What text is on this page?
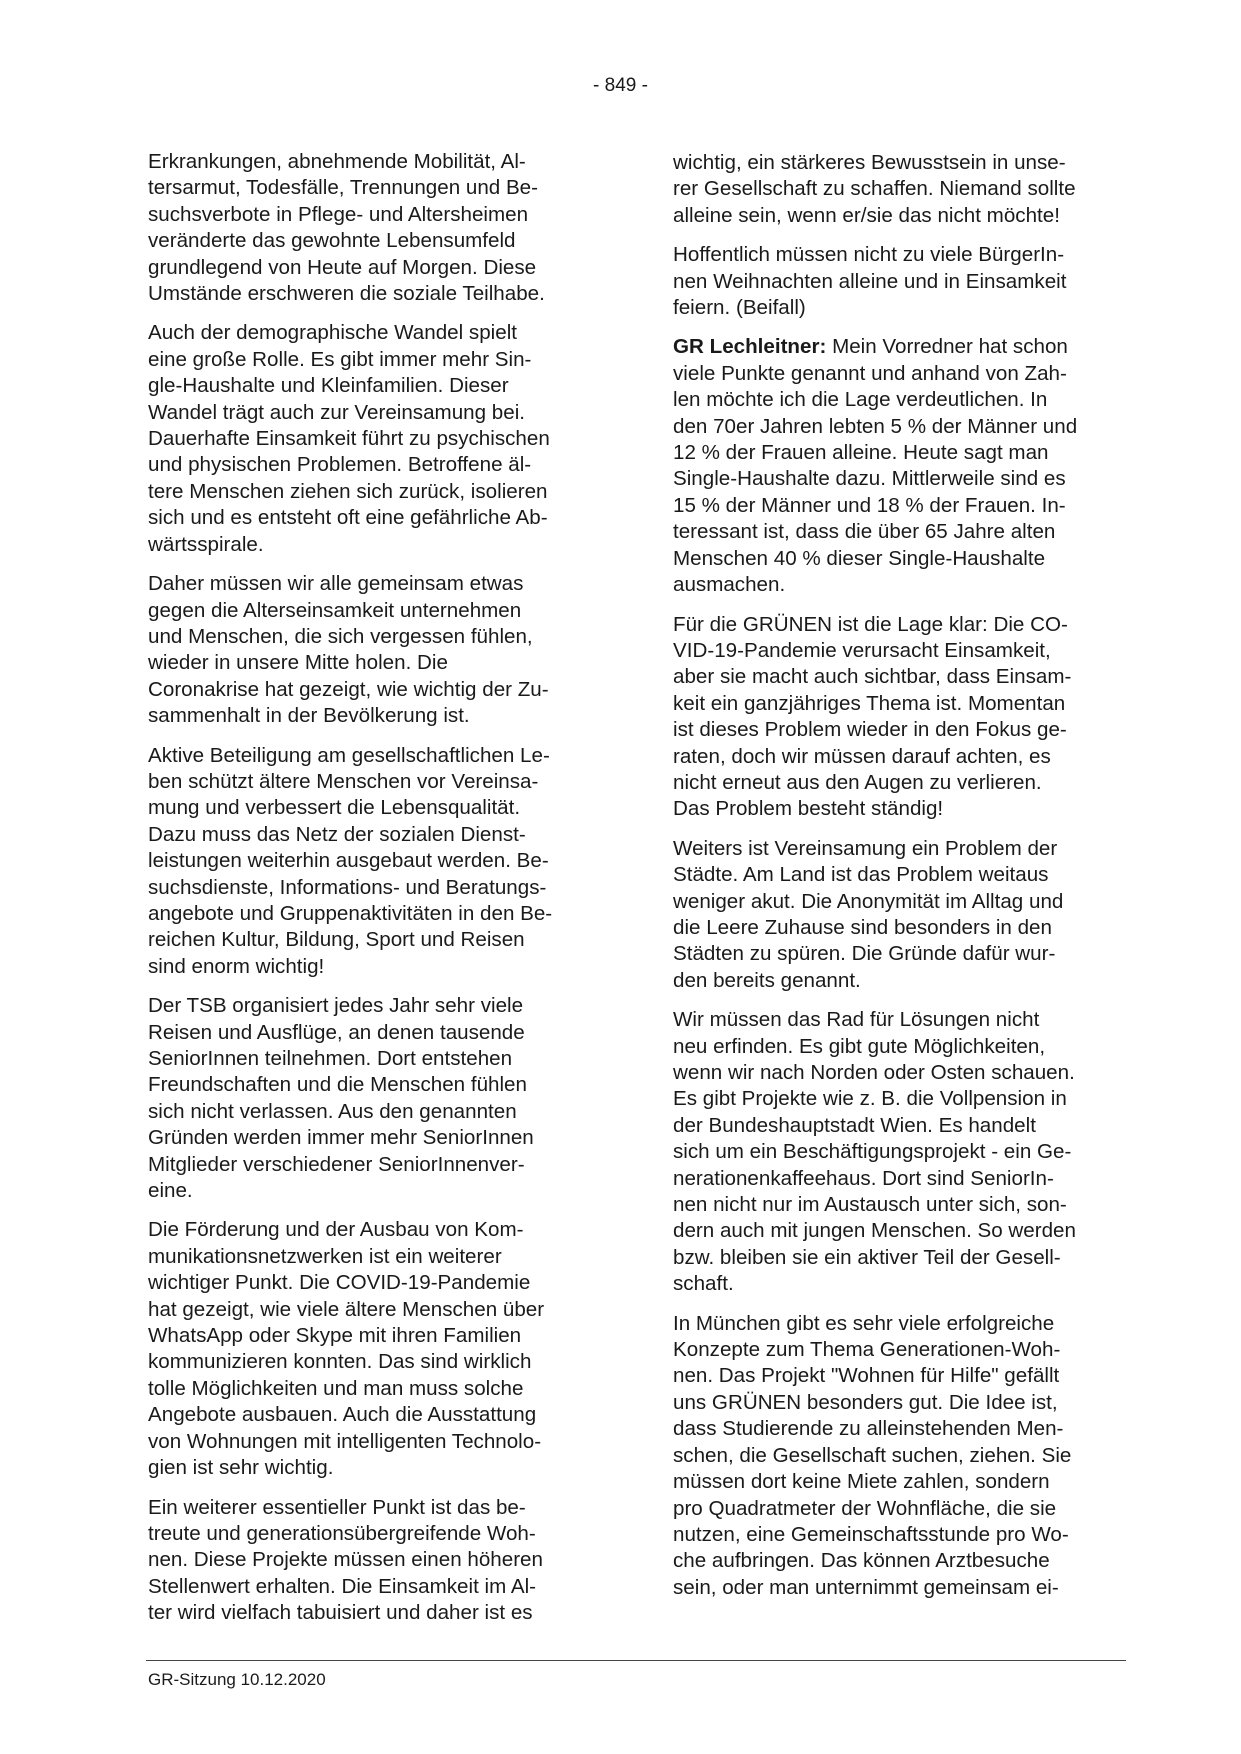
- 849 -

Erkrankungen, abnehmende Mobilität, Al-
tersarmut, Todesfälle, Trennungen und Be-
suchsverbote in Pflege- und Altersheimen
veränderte das gewohnte Lebensumfeld
grundlegend von Heute auf Morgen. Diese
Umstände erschweren die soziale Teilhabe.

Auch der demographische Wandel spielt
eine große Rolle. Es gibt immer mehr Sin-
gle-Haushalte und Kleinfamilien. Dieser
Wandel trägt auch zur Vereinsamung bei.
Dauerhafte Einsamkeit führt zu psychischen
und physischen Problemen. Betroffene äl-
tere Menschen ziehen sich zurück, isolieren
sich und es entsteht oft eine gefährliche Ab-
wärtsspirale.

Daher müssen wir alle gemeinsam etwas
gegen die Alterseinsamkeit unternehmen
und Menschen, die sich vergessen fühlen,
wieder in unsere Mitte holen. Die
Coronakrise hat gezeigt, wie wichtig der Zu-
sammenhalt in der Bevölkerung ist.

Aktive Beteiligung am gesellschaftlichen Le-
ben schützt ältere Menschen vor Vereinsa-
mung und verbessert die Lebensqualität.
Dazu muss das Netz der sozialen Dienst-
leistungen weiterhin ausgebaut werden. Be-
suchsdienste, Informations- und Beratungs-
angebote und Gruppenaktivitäten in den Be-
reichen Kultur, Bildung, Sport und Reisen
sind enorm wichtig!

Der TSB organisiert jedes Jahr sehr viele
Reisen und Ausflüge, an denen tausende
SeniorInnen teilnehmen. Dort entstehen
Freundschaften und die Menschen fühlen
sich nicht verlassen. Aus den genannten
Gründen werden immer mehr SeniorInnen
Mitglieder verschiedener SeniorInnenver-
eine.

Die Förderung und der Ausbau von Kom-
munikationsnetzwerken ist ein weiterer
wichtiger Punkt. Die COVID-19-Pandemie
hat gezeigt, wie viele ältere Menschen über
WhatsApp oder Skype mit ihren Familien
kommunizieren konnten. Das sind wirklich
tolle Möglichkeiten und man muss solche
Angebote ausbauen. Auch die Ausstattung
von Wohnungen mit intelligenten Technolo-
gien ist sehr wichtig.

Ein weiterer essentieller Punkt ist das be-
treute und generationsübergreifende Woh-
nen. Diese Projekte müssen einen höheren
Stellenwert erhalten. Die Einsamkeit im Al-
ter wird vielfach tabuisiert und daher ist es

wichtig, ein stärkeres Bewusstsein in unse-
rer Gesellschaft zu schaffen. Niemand sollte
alleine sein, wenn er/sie das nicht möchte!

Hoffentlich müssen nicht zu viele BürgerIn-
nen Weihnachten alleine und in Einsamkeit
feiern. (Beifall)

GR Lechleitner: Mein Vorredner hat schon
viele Punkte genannt und anhand von Zah-
len möchte ich die Lage verdeutlichen. In
den 70er Jahren lebten 5 % der Männer und
12 % der Frauen alleine. Heute sagt man
Single-Haushalte dazu. Mittlerweile sind es
15 % der Männer und 18 % der Frauen. In-
teressant ist, dass die über 65 Jahre alten
Menschen 40 % dieser Single-Haushalte
ausmachen.

Für die GRÜNEN ist die Lage klar: Die CO-
VID-19-Pandemie verursacht Einsamkeit,
aber sie macht auch sichtbar, dass Einsam-
keit ein ganzjähriges Thema ist. Momentan
ist dieses Problem wieder in den Fokus ge-
raten, doch wir müssen darauf achten, es
nicht erneut aus den Augen zu verlieren.
Das Problem besteht ständig!

Weiters ist Vereinsamung ein Problem der
Städte. Am Land ist das Problem weitaus
weniger akut. Die Anonymität im Alltag und
die Leere Zuhause sind besonders in den
Städten zu spüren. Die Gründe dafür wur-
den bereits genannt.

Wir müssen das Rad für Lösungen nicht
neu erfinden. Es gibt gute Möglichkeiten,
wenn wir nach Norden oder Osten schauen.
Es gibt Projekte wie z. B. die Vollpension in
der Bundeshauptstadt Wien. Es handelt
sich um ein Beschäftigungsprojekt - ein Ge-
nerationenkaffeehaus. Dort sind SeniorIn-
nen nicht nur im Austausch unter sich, son-
dern auch mit jungen Menschen. So werden
bzw. bleiben sie ein aktiver Teil der Gesell-
schaft.

In München gibt es sehr viele erfolgreiche
Konzepte zum Thema Generationen-Woh-
nen. Das Projekt "Wohnen für Hilfe" gefällt
uns GRÜNEN besonders gut. Die Idee ist,
dass Studierende zu alleinstehenden Men-
schen, die Gesellschaft suchen, ziehen. Sie
müssen dort keine Miete zahlen, sondern
pro Quadratmeter der Wohnfläche, die sie
nutzen, eine Gemeinschaftsstunde pro Wo-
che aufbringen. Das können Arztbesuche
sein, oder man unternimmt gemeinsam ei-

GR-Sitzung 10.12.2020
